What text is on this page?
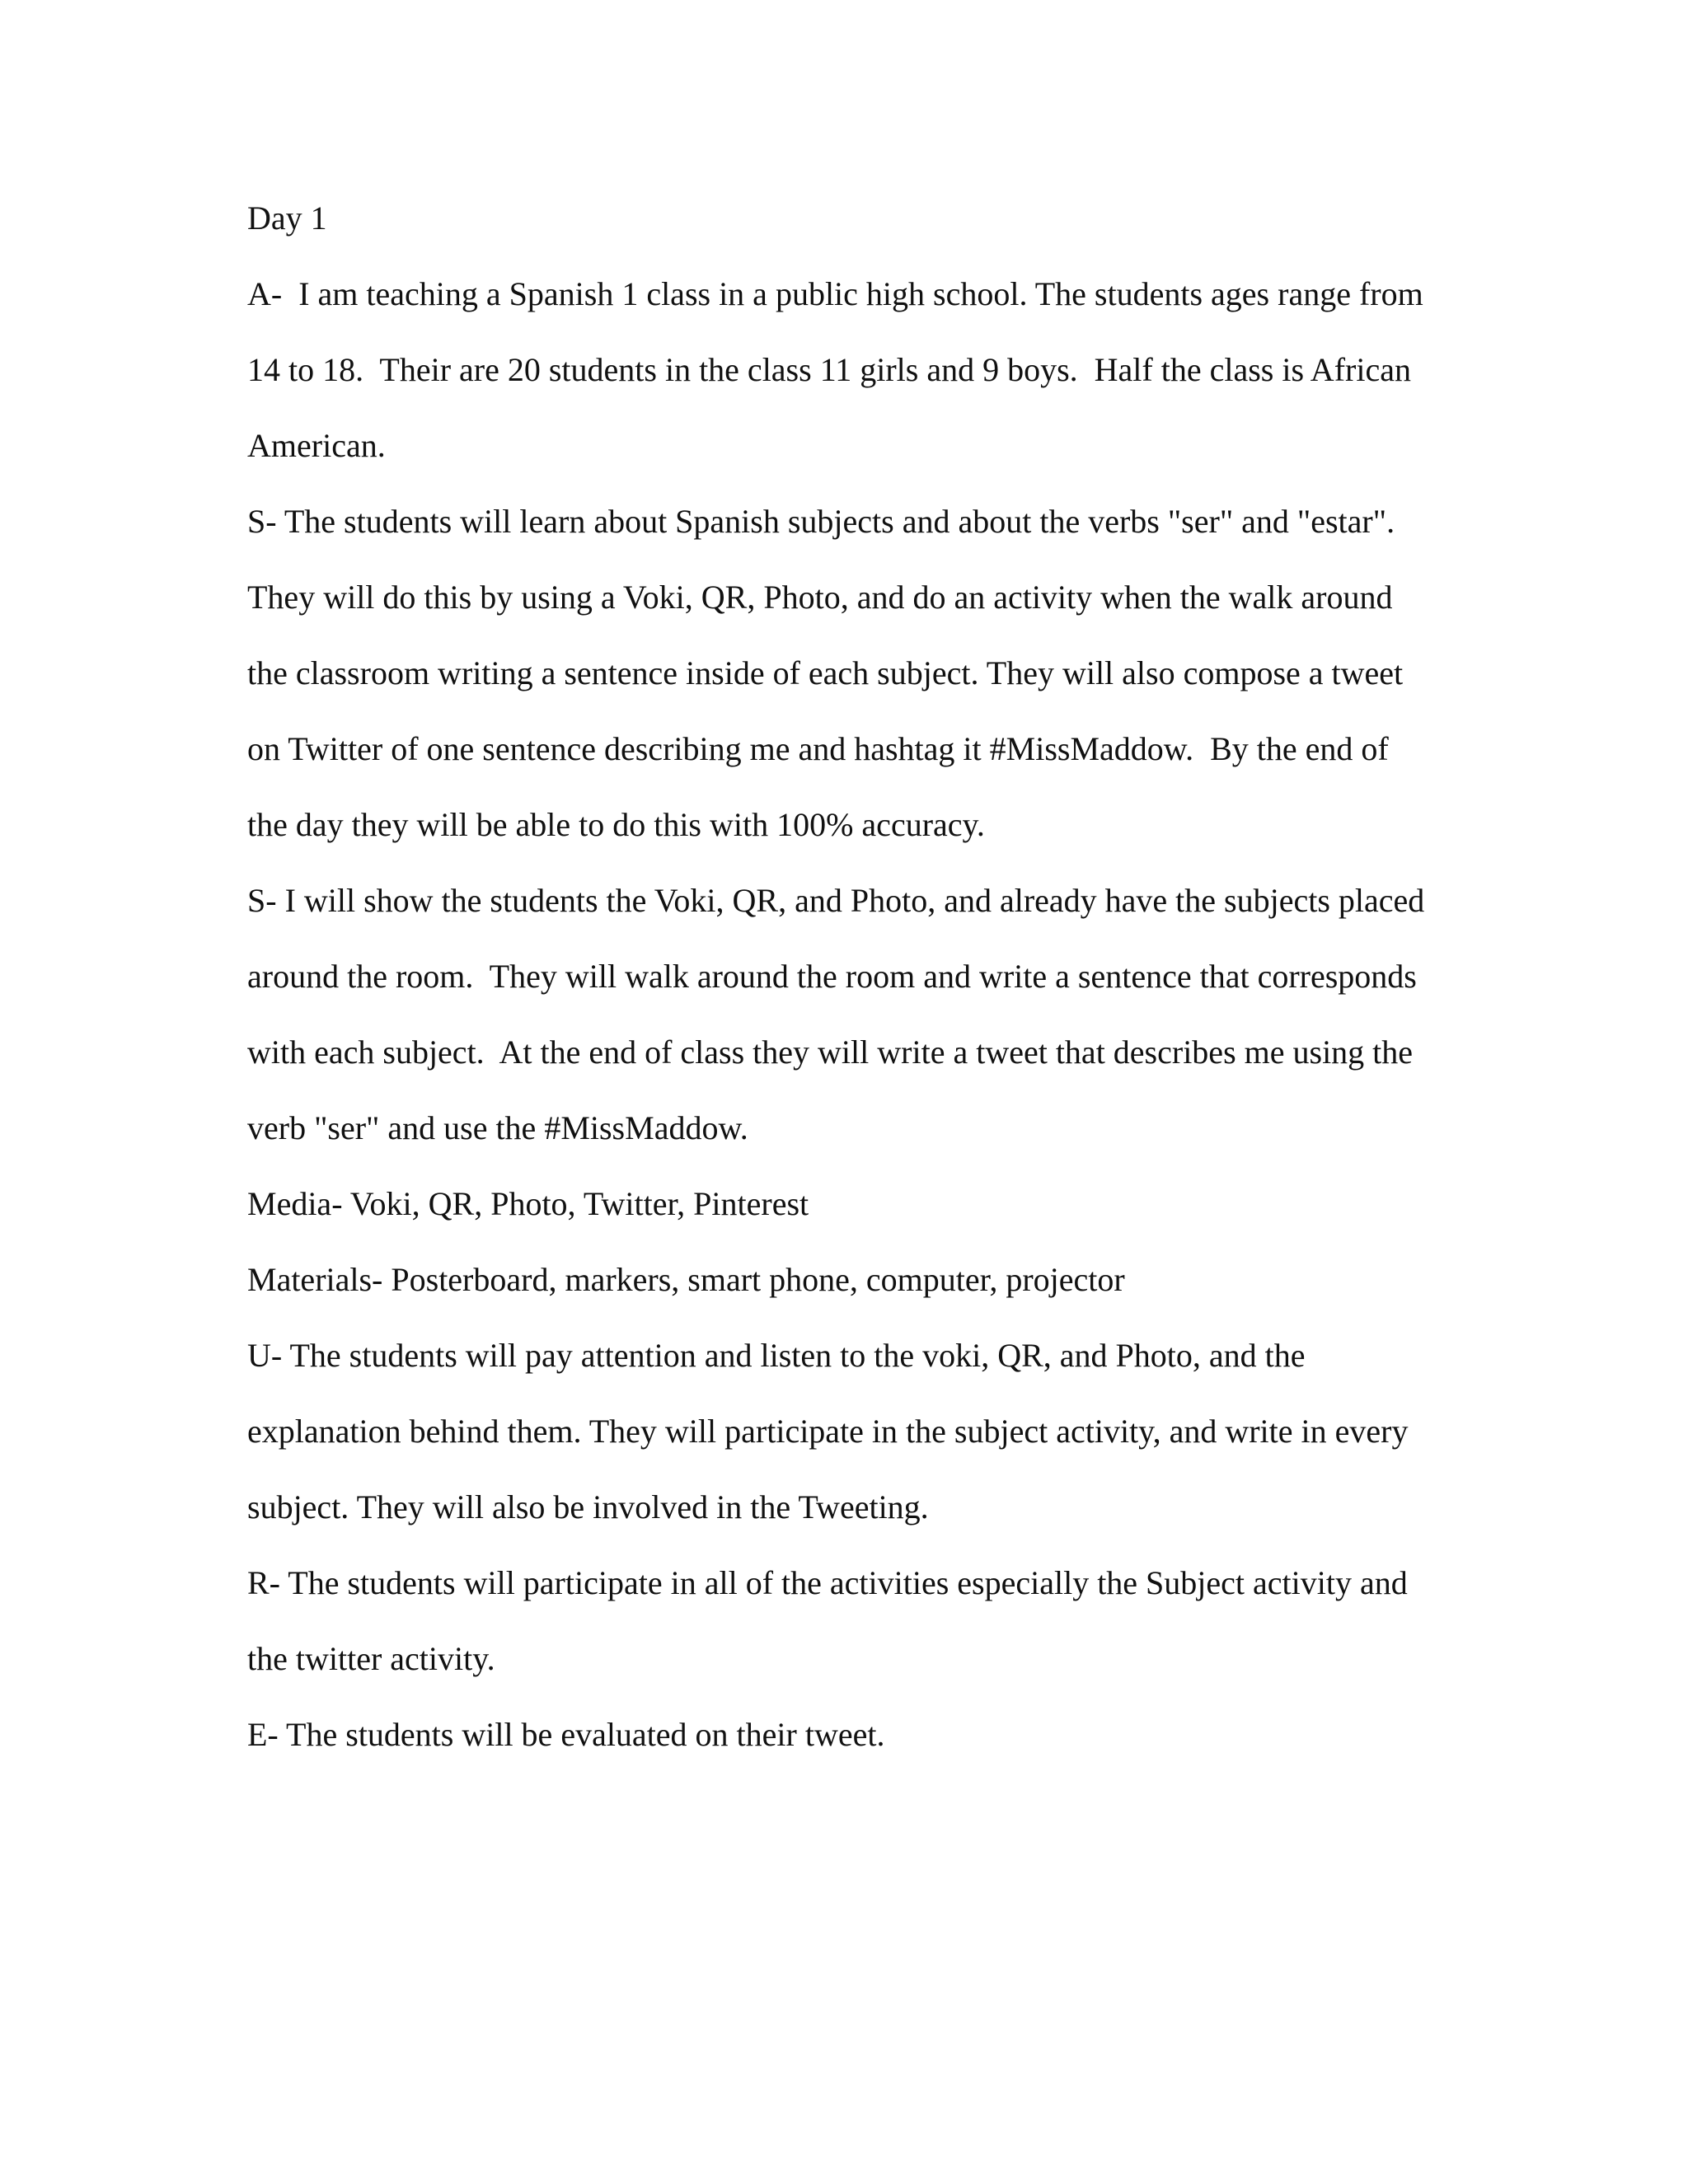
Day 1
A-  I am teaching a Spanish 1 class in a public high school. The students ages range from
14 to 18.  Their are 20 students in the class 11 girls and 9 boys.  Half the class is African
American.
S- The students will learn about Spanish subjects and about the verbs "ser" and "estar".
They will do this by using a Voki, QR, Photo, and do an activity when the walk around
the classroom writing a sentence inside of each subject. They will also compose a tweet
on Twitter of one sentence describing me and hashtag it #MissMaddow.  By the end of
the day they will be able to do this with 100% accuracy.
S- I will show the students the Voki, QR, and Photo, and already have the subjects placed
around the room.  They will walk around the room and write a sentence that corresponds
with each subject.  At the end of class they will write a tweet that describes me using the
verb "ser" and use the #MissMaddow.
Media- Voki, QR, Photo, Twitter, Pinterest
Materials- Posterboard, markers, smart phone, computer, projector
U- The students will pay attention and listen to the voki, QR, and Photo, and the
explanation behind them. They will participate in the subject activity, and write in every
subject. They will also be involved in the Tweeting.
R- The students will participate in all of the activities especially the Subject activity and
the twitter activity.
E- The students will be evaluated on their tweet.
